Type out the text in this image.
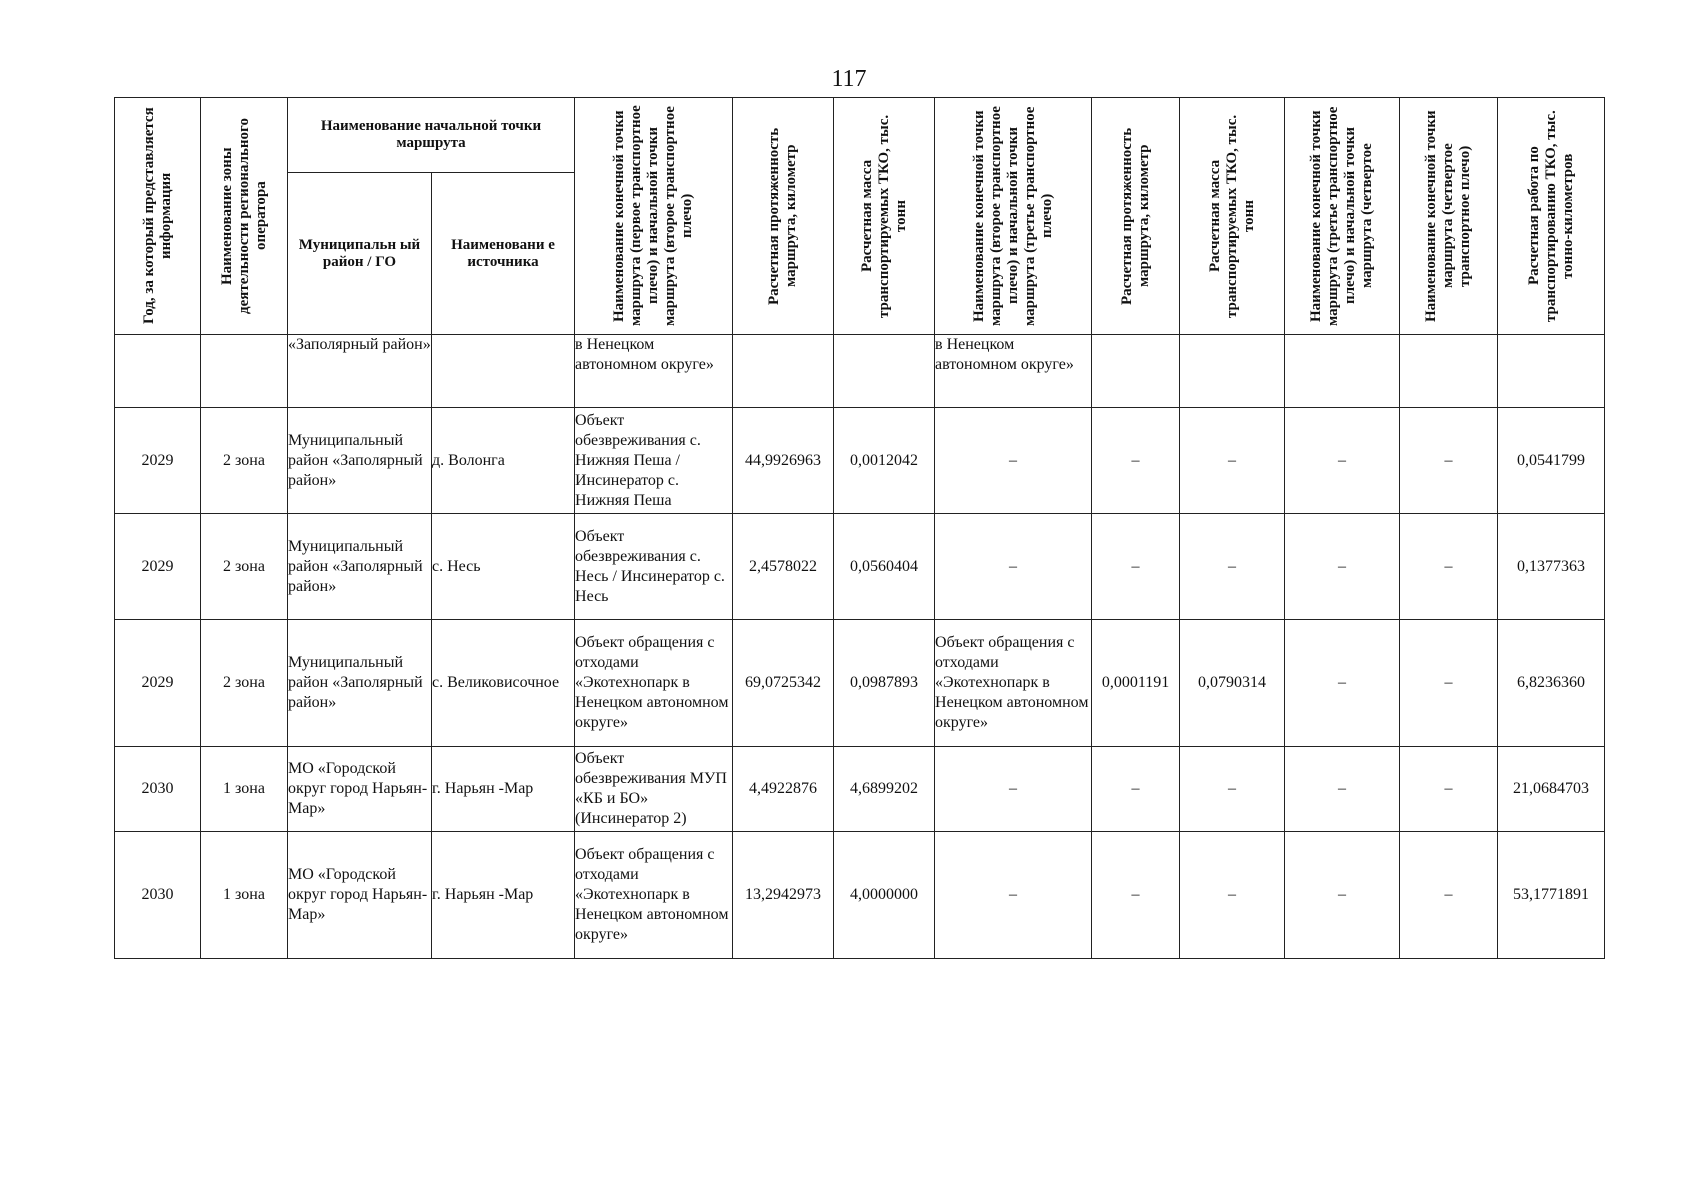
117
Год, за который представляется информация	Наименование зоны деятельности регионального оператора	Наименование начальной точки маршрута		Наименование конечной точки маршрута (первое транспортное плечо) и начальной точки маршрута (второе транспортное плечо)	Расчетная протяженность маршрута, километр	Расчетная масса транспортируемых ТКО, тыс. тонн	Наименование конечной точки маршрута (второе транспортное плечо) и начальной точки маршрута (третье транспортное плечо)	Расчетная протяженность маршрута, километр	Расчетная масса транспортируемых ТКО, тыс. тонн	Наименование конечной точки маршрута (третье транспортное плечо) и начальной точки маршрута (четвертое	Наименование конечной точки маршрута (четвертое транспортное плечо)	Расчетная работа по транспортированию ТКО, тыс. тонно-километров

		Муниципальн ый район / ГО	Наименовани е источника									
		«Заполярный район»		в Ненецком автономном округе»			в Ненецком автономном округе»					
2029	2 зона	Муниципальный район «Заполярный район»	д. Волонга	Объект обезвреживания с. Нижняя Пеша / Инсинератор с. Нижняя Пеша	44,9926963	0,0012042	–	–	–	–	–	0,0541799
2029	2 зона	Муниципальный район «Заполярный район»	с. Несь	Объект обезвреживания с. Несь / Инсинератор с. Несь	2,4578022	0,0560404	–	–	–	–	–	0,1377363
2029	2 зона	Муниципальный район «Заполярный район»	с. Великовисочное	Объект обращения с отходами «Экотехнопарк в Ненецком автономном округе»	69,0725342	0,0987893	Объект обращения с отходами «Экотехнопарк в Ненецком автономном округе»	0,0001191	0,0790314	–	–	6,8236360
2030	1 зона	МО «Городской округ город Нарьян-Мар»	г. Нарьян -Мар	Объект обезвреживания МУП «КБ и БО» (Инсинератор 2)	4,4922876	4,6899202	–	–	–	–	–	21,0684703
2030	1 зона	МО «Городской округ город Нарьян-Мар»	г. Нарьян -Мар	Объект обращения с отходами «Экотехнопарк в Ненецком автономном округе»	13,2942973	4,0000000	–	–	–	–	–	53,1771891
